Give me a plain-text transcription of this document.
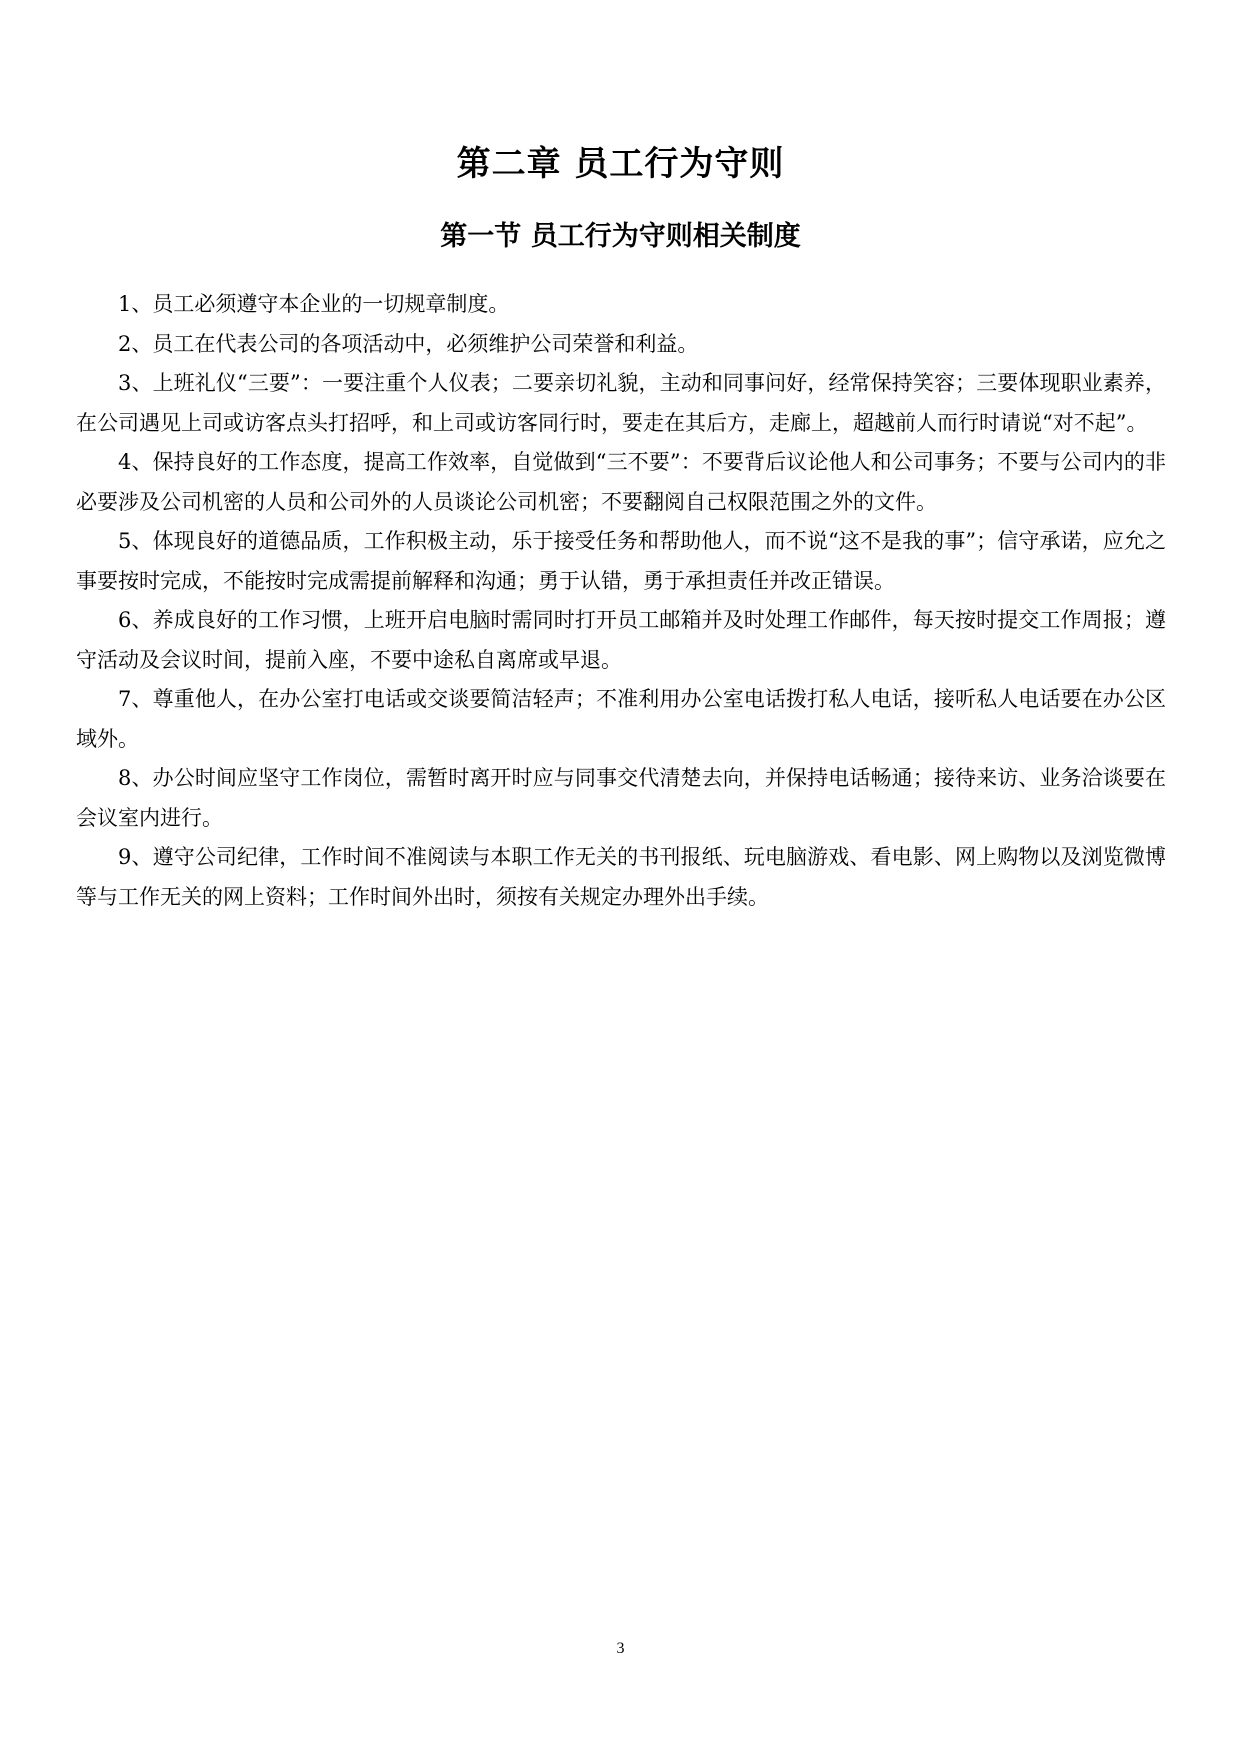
第二章 员工行为守则
第一节 员工行为守则相关制度

1、员工必须遵守本企业的一切规章制度。

2、员工在代表公司的各项活动中，必须维护公司荣誉和利益。

3、上班礼仪“三要”：一要注重个人仪表；二要亲切礼貌，主动和同事问好，经常保持笑容；三要体现职业素养，在公司遇见上司或访客点头打招呼，和上司或访客同行时，要走在其后方，走廊上，超越前人而行时请说“对不起”。

4、保持良好的工作态度，提高工作效率，自觉做到“三不要”：不要背后议论他人和公司事务；不要与公司内的非必要涉及公司机密的人员和公司外的人员谈论公司机密；不要翻阅自己权限范围之外的文件。

5、体现良好的道德品质，工作积极主动，乐于接受任务和帮助他人，而不说“这不是我的事”；信守承诺，应允之事要按时完成，不能按时完成需提前解释和沟通；勇于认错，勇于承担责任并改正错误。

6、养成良好的工作习惯，上班开启电脑时需同时打开员工邮箱并及时处理工作邮件，每天按时提交工作周报；遵守活动及会议时间，提前入座，不要中途私自离席或早退。

7、尊重他人，在办公室打电话或交谈要简洁轻声；不准利用办公室电话拨打私人电话，接听私人电话要在办公区域外。

8、办公时间应坚守工作岗位，需暂时离开时应与同事交代清楚去向，并保持电话畅通；接待来访、业务洽谈要在会议室内进行。

9、遵守公司纪律，工作时间不准阅读与本职工作无关的书刊报纸、玩电脑游戏、看电影、网上购物以及浏览微博等与工作无关的网上资料；工作时间外出时，须按有关规定办理外出手续。

3
